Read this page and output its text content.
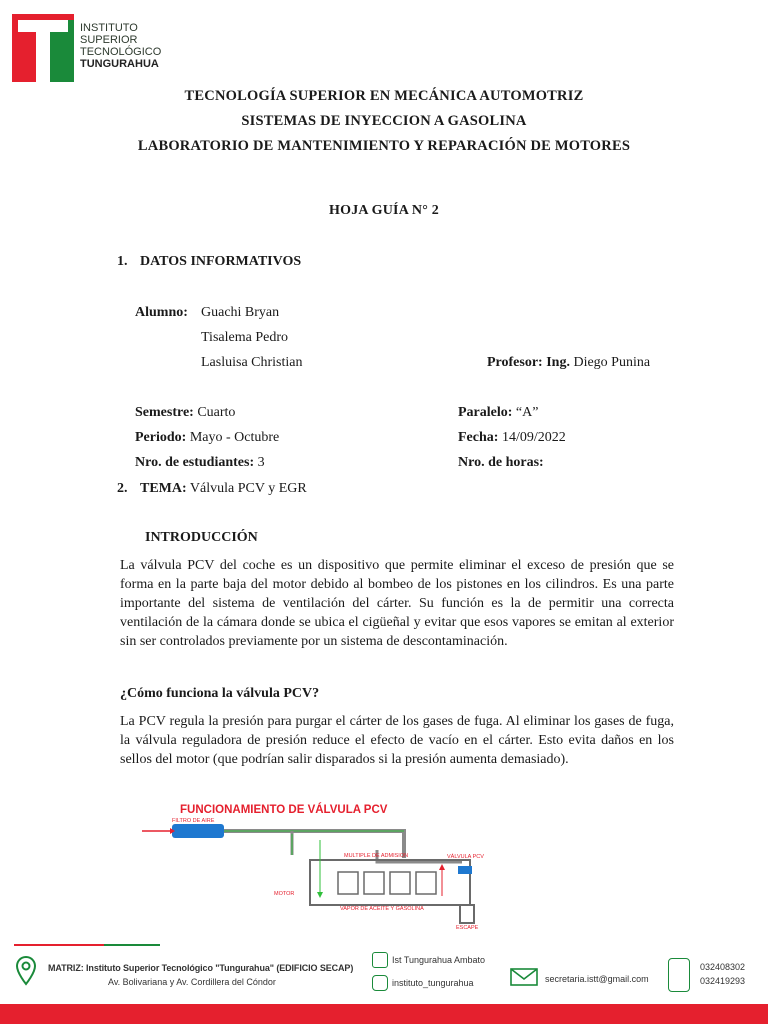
INSTITUTO
SUPERIOR
TECNOLÓGICO
TUNGURAHUA
TECNOLOGÍA SUPERIOR EN MECÁNICA AUTOMOTRIZ
SISTEMAS DE INYECCION A GASOLINA
LABORATORIO DE MANTENIMIENTO Y REPARACIÓN DE MOTORES
HOJA GUÍA N° 2
1. DATOS INFORMATIVOS
Alumno: Guachi Bryan
Tisalema Pedro
Lasluisa Christian	Profesor: Ing. Diego Punina
Semestre: Cuarto	Paralelo: “A”
Periodo: Mayo - Octubre	Fecha: 14/09/2022
Nro. de estudiantes: 3	Nro. de horas:
2. TEMA: Válvula PCV y EGR
INTRODUCCIÓN
La válvula PCV del coche es un dispositivo que permite eliminar el exceso de presión que se forma en la parte baja del motor debido al bombeo de los pistones en los cilindros. Es una parte importante del sistema de ventilación del cárter. Su función es la de permitir una correcta ventilación de la cámara donde se ubica el cigüeñal y evitar que esos vapores se emitan al exterior sin ser controlados previamente por un sistema de descontaminación.
¿Cómo funciona la válvula PCV?
La PCV regula la presión para purgar el cárter de los gases de fuga. Al eliminar los gases de fuga, la válvula reguladora de presión reduce el efecto de vacío en el cárter. Esto evita daños en los sellos del motor (que podrían salir disparados si la presión aumenta demasiado).
FUNCIONAMIENTO DE VÁLVULA PCV
FILTRO DE AIRE
VÁLVULA PCV
MULTIPLE DE ADMISION
MOTOR
VAPOR DE ACEITE Y GASOLINA
ESCAPE
MATRIZ: Instituto Superior Tecnológico "Tungurahua" (EDIFICIO SECAP)
Av. Bolivariana y Av. Cordillera del Cóndor
Ist Tungurahua Ambato
instituto_tungurahua	secretaria.istt@gmail.com
032408302
032419293
